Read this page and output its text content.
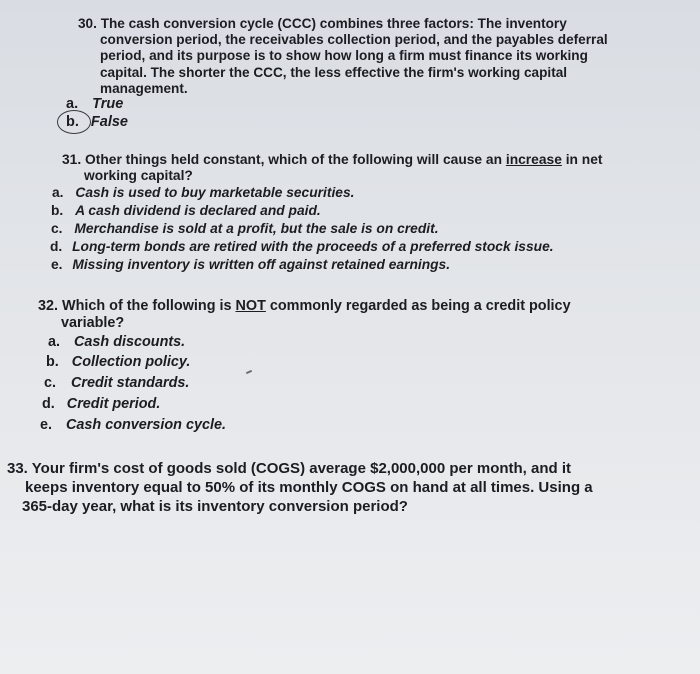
30. The cash conversion cycle (CCC) combines three factors: The inventory
conversion period, the receivables collection period, and the payables deferral
period, and its purpose is to show how long a firm must finance its working
capital. The shorter the CCC, the less effective the firm's working capital
management.
a. True
b. False
31. Other things held constant, which of the following will cause an increase in net
working capital?
a. Cash is used to buy marketable securities.
b. A cash dividend is declared and paid.
c. Merchandise is sold at a profit, but the sale is on credit.
d. Long-term bonds are retired with the proceeds of a preferred stock issue.
e. Missing inventory is written off against retained earnings.
32. Which of the following is NOT commonly regarded as being a credit policy
variable?
a. Cash discounts.
b. Collection policy.
c. Credit standards.
d. Credit period.
e. Cash conversion cycle.
33. Your firm's cost of goods sold (COGS) average $2,000,000 per month, and it
keeps inventory equal to 50% of its monthly COGS on hand at all times. Using a
365-day year, what is its inventory conversion period?
